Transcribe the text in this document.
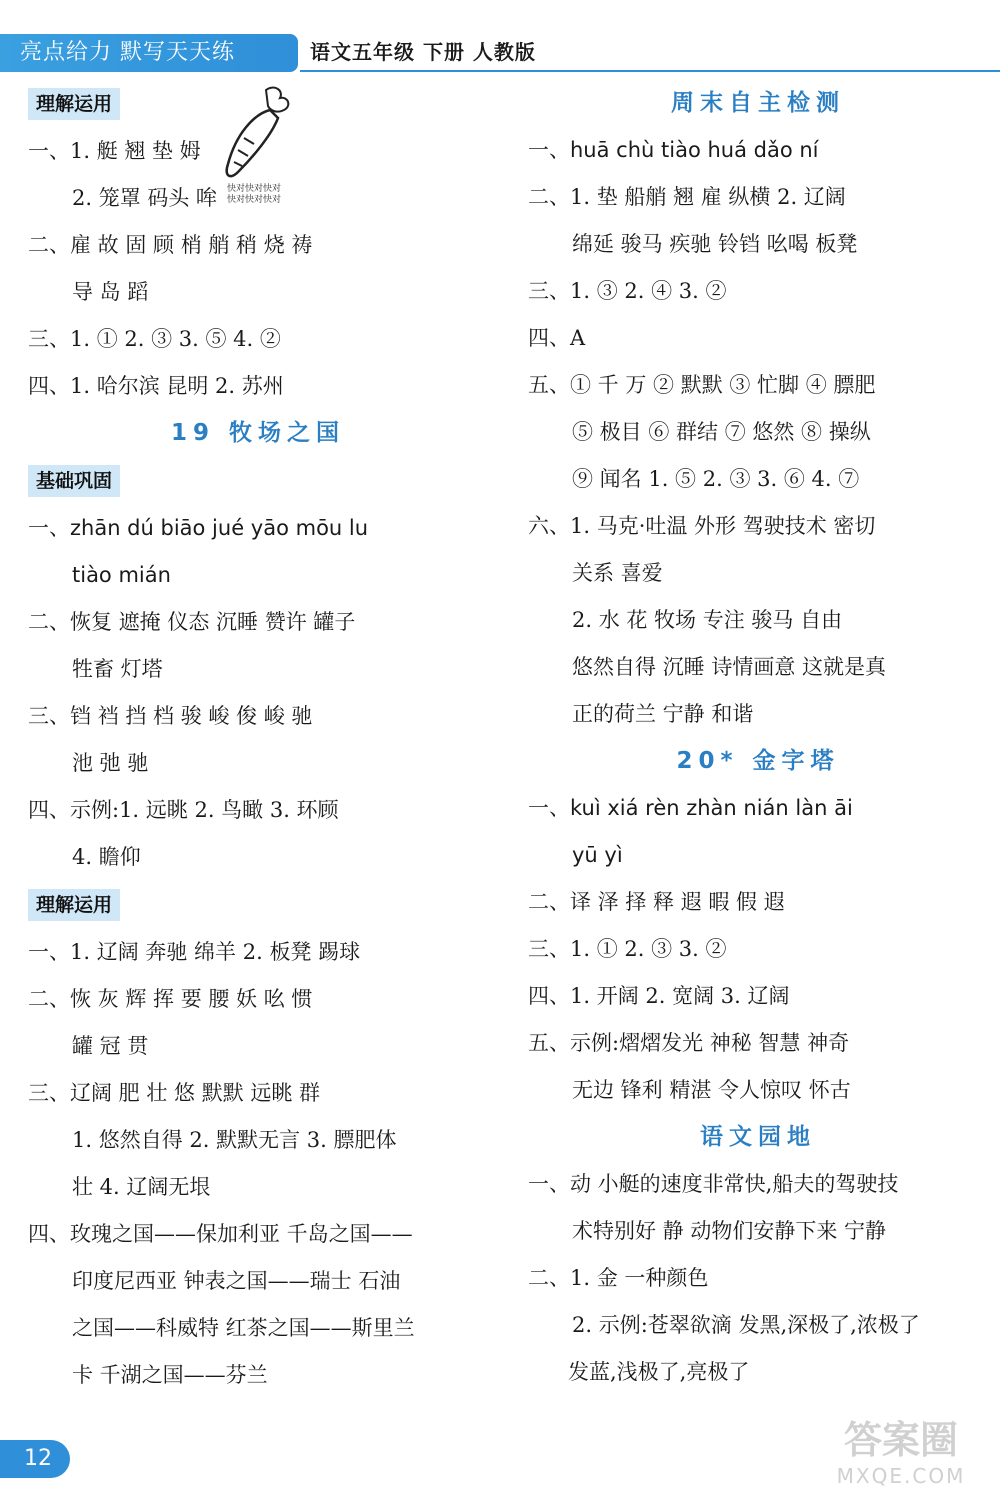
亮点给力 默写天天练	语文五年级 下册 人教版
理解运用
一、1. 艇 翘 垫 姆
2. 笼罩 码头 哞
二、雇 故 固 顾 梢 艄 稍 烧 祷
导 岛 蹈
三、1. ① 2. ③ 3. ⑤ 4. ②
四、1. 哈尔滨 昆明 2. 苏州
19 牧场之国
基础巩固
一、zhān dú biāo jué yāo mōu lu
tiào mián
二、恢复 遮掩 仪态 沉睡 赞许 罐子
牲畜 灯塔
三、铛 裆 挡 档 骏 峻 俊 峻 驰
池 弛 驰
四、示例:1. 远眺 2. 鸟瞰 3. 环顾
4. 瞻仰
理解运用
一、1. 辽阔 奔驰 绵羊 2. 板凳 踢球
二、恢 灰 辉 挥 要 腰 妖 吆 惯
罐 冠 贯
三、辽阔 肥 壮 悠 默默 远眺 群
1. 悠然自得 2. 默默无言 3. 膘肥体
壮 4. 辽阔无垠
四、玫瑰之国——保加利亚 千岛之国——
印度尼西亚 钟表之国——瑞士 石油
之国——科威特 红茶之国——斯里兰
卡 千湖之国——芬兰
周末自主检测
一、huā chù tiào huá dǎo ní
二、1. 垫 船艄 翘 雇 纵横 2. 辽阔
绵延 骏马 疾驰 铃铛 吆喝 板凳
三、1. ③ 2. ④ 3. ②
四、A
五、① 千 万 ② 默默 ③ 忙脚 ④ 膘肥
⑤ 极目 ⑥ 群结 ⑦ 悠然 ⑧ 操纵
⑨ 闻名 1. ⑤ 2. ③ 3. ⑥ 4. ⑦
六、1. 马克·吐温 外形 驾驶技术 密切
关系 喜爱
2. 水 花 牧场 专注 骏马 自由
悠然自得 沉睡 诗情画意 这就是真
正的荷兰 宁静 和谐
20* 金字塔
一、kuì xiá rèn zhàn nián làn āi
yū yì
二、译 泽 择 释 遐 暇 假 遐
三、1. ① 2. ③ 3. ②
四、1. 开阔 2. 宽阔 3. 辽阔
五、示例:熠熠发光 神秘 智慧 神奇
无边 锋利 精湛 令人惊叹 怀古
语文园地
一、动 小艇的速度非常快,船夫的驾驶技
术特别好 静 动物们安静下来 宁静
二、1. 金 一种颜色
2. 示例:苍翠欲滴 发黑,深极了,浓极了
发蓝,浅极了,亮极了
快对快对快对
快对快对快对
12	答案圈
MXQE.COM
